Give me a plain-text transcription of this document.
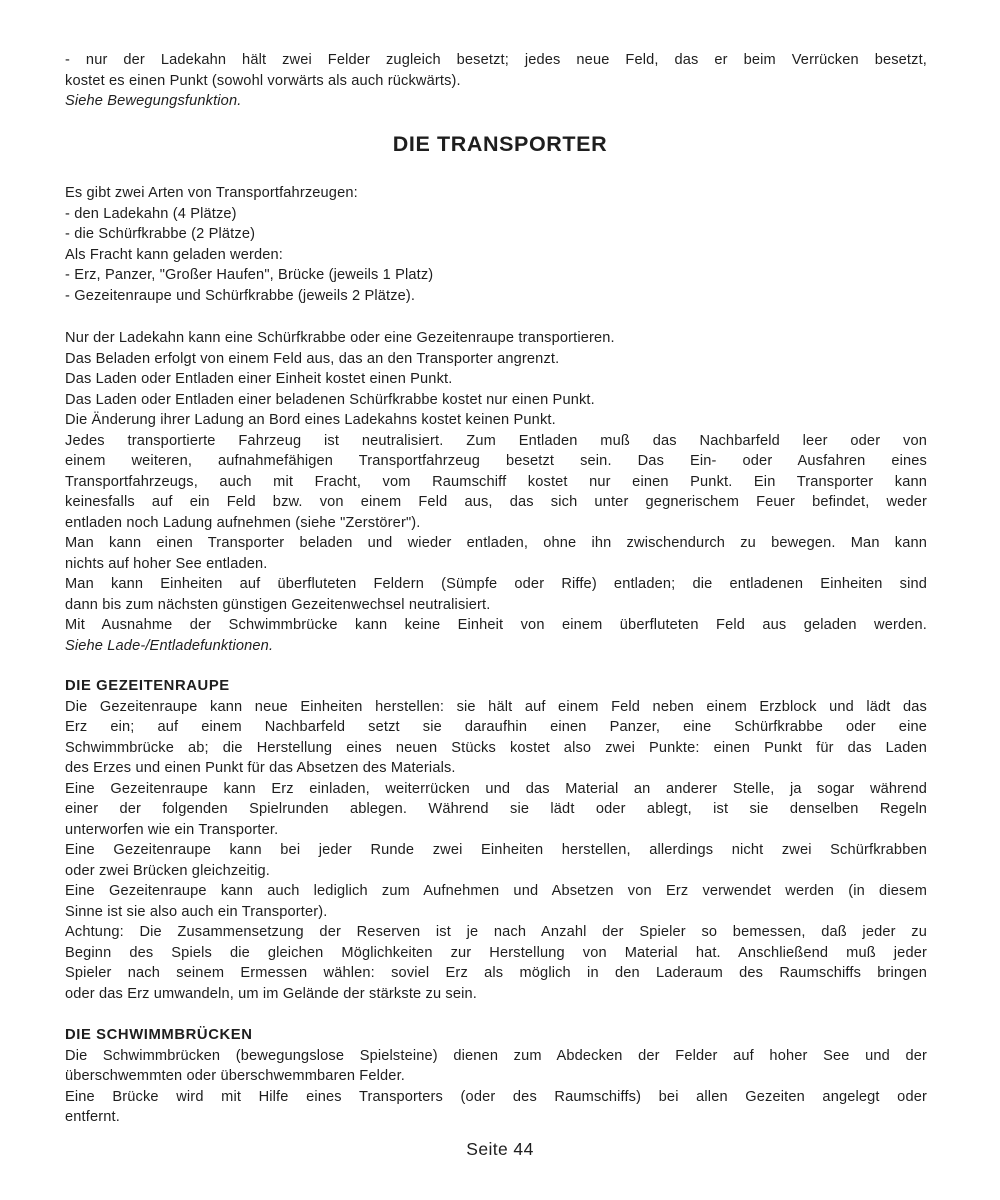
- nur der Ladekahn hält zwei Felder zugleich besetzt; jedes neue Feld, das er beim Verrücken besetzt,
kostet es einen Punkt (sowohl vorwärts als auch rückwärts).
Siehe Bewegungsfunktion.
DIE TRANSPORTER
Es gibt zwei Arten von Transportfahrzeugen:
- den Ladekahn (4 Plätze)
- die Schürfkrabbe (2 Plätze)
Als Fracht kann geladen werden:
- Erz, Panzer, "Großer Haufen", Brücke (jeweils 1 Platz)
- Gezeitenraupe und Schürfkrabbe (jeweils 2 Plätze).
Nur der Ladekahn kann eine Schürfkrabbe oder eine Gezeitenraupe transportieren.
Das Beladen erfolgt von einem Feld aus, das an den Transporter angrenzt.
Das Laden oder Entladen einer Einheit kostet einen Punkt.
Das Laden oder Entladen einer beladenen Schürfkrabbe kostet nur einen Punkt.
Die Änderung ihrer Ladung an Bord eines Ladekahns kostet keinen Punkt.
Jedes transportierte Fahrzeug ist neutralisiert. Zum Entladen muß das Nachbarfeld leer oder von
einem weiteren, aufnahmefähigen Transportfahrzeug besetzt sein. Das Ein- oder Ausfahren eines
Transportfahrzeugs, auch mit Fracht, vom Raumschiff kostet nur einen Punkt. Ein Transporter kann
keinesfalls auf ein Feld bzw. von einem Feld aus, das sich unter gegnerischem Feuer befindet, weder
entladen noch Ladung aufnehmen (siehe "Zerstörer").
Man kann einen Transporter beladen und wieder entladen, ohne ihn zwischendurch zu bewegen. Man kann
nichts auf hoher See entladen.
Man kann Einheiten auf überfluteten Feldern (Sümpfe oder Riffe) entladen; die entladenen Einheiten sind
dann bis zum nächsten günstigen Gezeitenwechsel neutralisiert.
Mit Ausnahme der Schwimmbrücke kann keine Einheit von einem überfluteten Feld aus geladen werden.
Siehe Lade-/Entladefunktionen.
DIE GEZEITENRAUPE
Die Gezeitenraupe kann neue Einheiten herstellen: sie hält auf einem Feld neben einem Erzblock und lädt das
Erz ein; auf einem Nachbarfeld setzt sie daraufhin einen Panzer, eine Schürfkrabbe oder eine
Schwimmbrücke ab; die Herstellung eines neuen Stücks kostet also zwei Punkte: einen Punkt für das Laden
des Erzes und einen Punkt für das Absetzen des Materials.
Eine Gezeitenraupe kann Erz einladen, weiterrücken und das Material an anderer Stelle, ja sogar während
einer der folgenden Spielrunden ablegen. Während sie lädt oder ablegt, ist sie denselben Regeln
unterworfen wie ein Transporter.
Eine Gezeitenraupe kann bei jeder Runde zwei Einheiten herstellen, allerdings nicht zwei Schürfkrabben
oder zwei Brücken gleichzeitig.
Eine Gezeitenraupe kann auch lediglich zum Aufnehmen und Absetzen von Erz verwendet werden (in diesem
Sinne ist sie also auch ein Transporter).
Achtung: Die Zusammensetzung der Reserven ist je nach Anzahl der Spieler so bemessen, daß jeder zu
Beginn des Spiels die gleichen Möglichkeiten zur Herstellung von Material hat. Anschließend muß jeder
Spieler nach seinem Ermessen wählen: soviel Erz als möglich in den Laderaum des Raumschiffs bringen
oder das Erz umwandeln, um im Gelände der stärkste zu sein.
DIE SCHWIMMBRÜCKEN
Die Schwimmbrücken (bewegungslose Spielsteine) dienen zum Abdecken der Felder auf hoher See und der
überschwemmten oder überschwemmbaren Felder.
Eine Brücke wird mit Hilfe eines Transporters (oder des Raumschiffs) bei allen Gezeiten angelegt oder
entfernt.
Seite 44
